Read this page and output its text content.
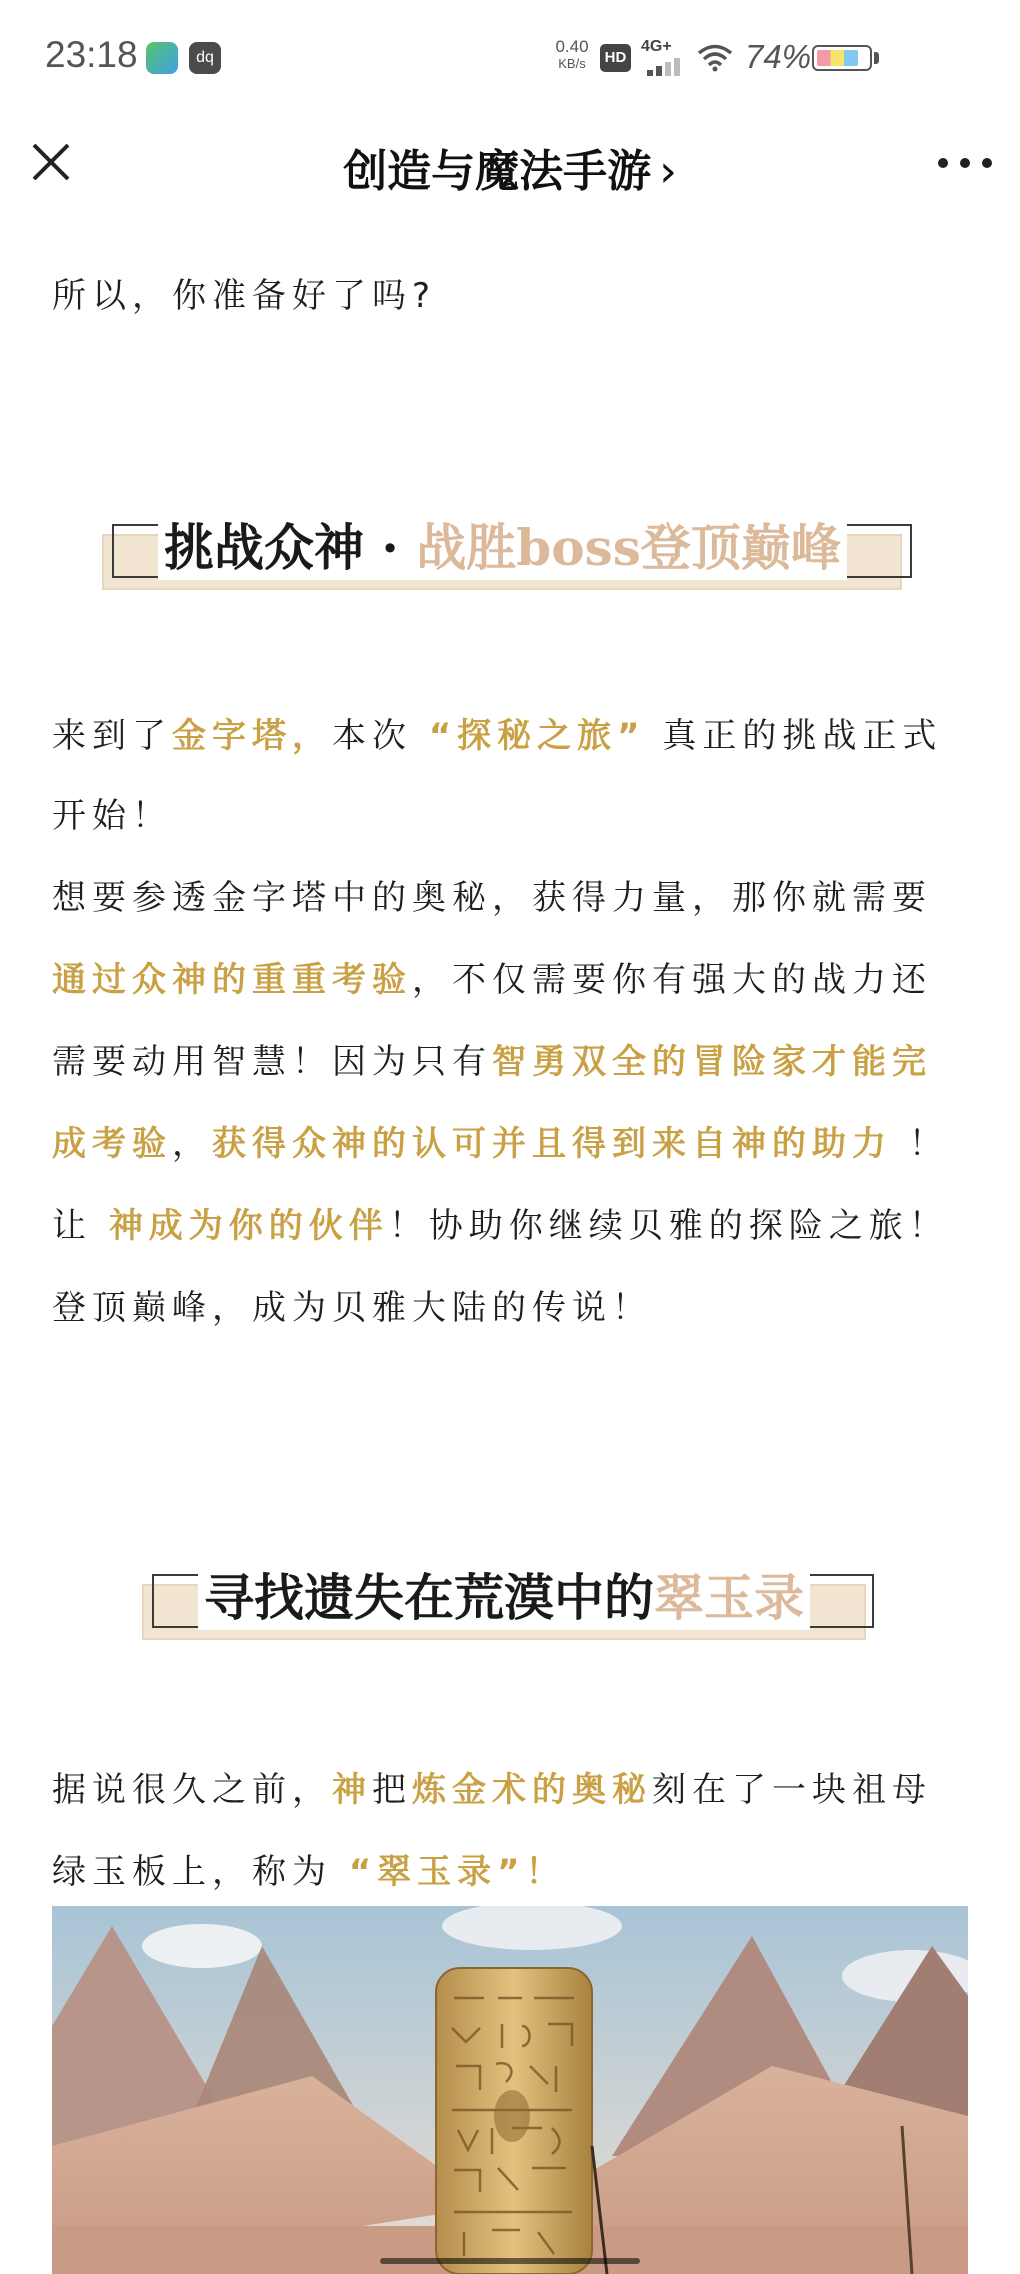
所以，你准备好了吗?
挑战众神 · 战胜boss登顶巅峰
来到了金字塔，本次 “探秘之旅” 真正的挑战正式
开始！
想要参透金字塔中的奥秘，获得力量，那你就需要
通过众神的重重考验，不仅需要你有强大的战力还
需要动用智慧！因为只有智勇双全的冒险家才能完
成考验，获得众神的认可并且得到来自神的助力 ！
让 神成为你的伙伴！协助你继续贝雅的探险之旅！
登顶巅峰，成为贝雅大陆的传说！
寻找遗失在荒漠中的翠玉录
据说很久之前，神把炼金术的奥秘刻在了一块祖母
绿玉板上，称为 “翠玉录”！
23:18	dq
0.40
KB/s	HD
4G+ 74%
创造与魔法手游 ›
